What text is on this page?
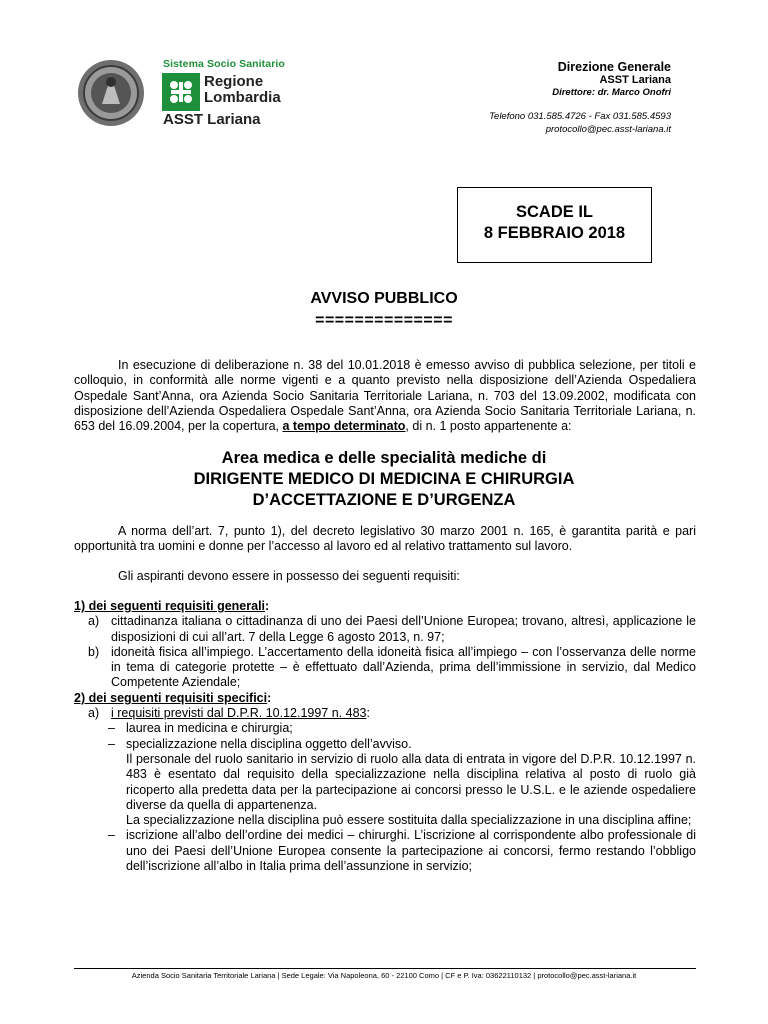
Sistema Socio Sanitario
Regione
Lombardia
ASST Lariana
Direzione Generale
ASST Lariana
Direttore: dr. Marco Onofri
Telefono 031.585.4726 - Fax 031.585.4593
protocollo@pec.asst-lariana.it
SCADE IL
8 FEBBRAIO 2018
AVVISO PUBBLICO
==============

In esecuzione di deliberazione n. 38 del 10.01.2018 è emesso avviso di pubblica selezione, per titoli e colloquio, in conformità alle norme vigenti e a quanto previsto nella disposizione dell’Azienda Ospedaliera Ospedale Sant’Anna, ora Azienda Socio Sanitaria Territoriale Lariana, n. 703 del 13.09.2002, modificata con disposizione dell’Azienda Ospedaliera Ospedale Sant’Anna, ora Azienda Socio Sanitaria Territoriale Lariana, n. 653 del 16.09.2004, per la copertura, a tempo determinato, di n. 1 posto appartenente a:

Area medica e delle specialità mediche di
DIRIGENTE MEDICO DI MEDICINA E CHIRURGIA
D’ACCETTAZIONE E D’URGENZA

A norma dell’art. 7, punto 1), del decreto legislativo 30 marzo 2001 n. 165, è garantita parità e pari opportunità tra uomini e donne per l’accesso al lavoro ed al relativo trattamento sul lavoro.

Gli aspiranti devono essere in possesso dei seguenti requisiti:

1) dei seguenti requisiti generali:
a) cittadinanza italiana o cittadinanza di uno dei Paesi dell’Unione Europea; trovano, altresì, applicazione le disposizioni di cui all’art. 7 della Legge 6 agosto 2013, n. 97;
b) idoneità fisica all’impiego. L’accertamento della idoneità fisica all’impiego – con l’osservanza delle norme in tema di categorie protette – è effettuato dall’Azienda, prima dell’immissione in servizio, dal Medico Competente Aziendale;
2) dei seguenti requisiti specifici:
a) i requisiti previsti dal D.P.R. 10.12.1997 n. 483:
– laurea in medicina e chirurgia;
– specializzazione nella disciplina oggetto dell’avviso.
Il personale del ruolo sanitario in servizio di ruolo alla data di entrata in vigore del D.P.R. 10.12.1997 n. 483 è esentato dal requisito della specializzazione nella disciplina relativa al posto di ruolo già ricoperto alla predetta data per la partecipazione ai concorsi presso le U.S.L. e le aziende ospedaliere diverse da quella di appartenenza.
La specializzazione nella disciplina può essere sostituita dalla specializzazione in una disciplina affine;
– iscrizione all’albo dell’ordine dei medici – chirurghi. L’iscrizione al corrispondente albo professionale di uno dei Paesi dell’Unione Europea consente la partecipazione ai concorsi, fermo restando l’obbligo dell’iscrizione all’albo in Italia prima dell’assunzione in servizio;
Azienda Socio Sanitaria Territoriale Lariana | Sede Legale: Via Napoleona, 60 - 22100 Como | CF e P. Iva: 03622110132 | protocollo@pec.asst-lariana.it
